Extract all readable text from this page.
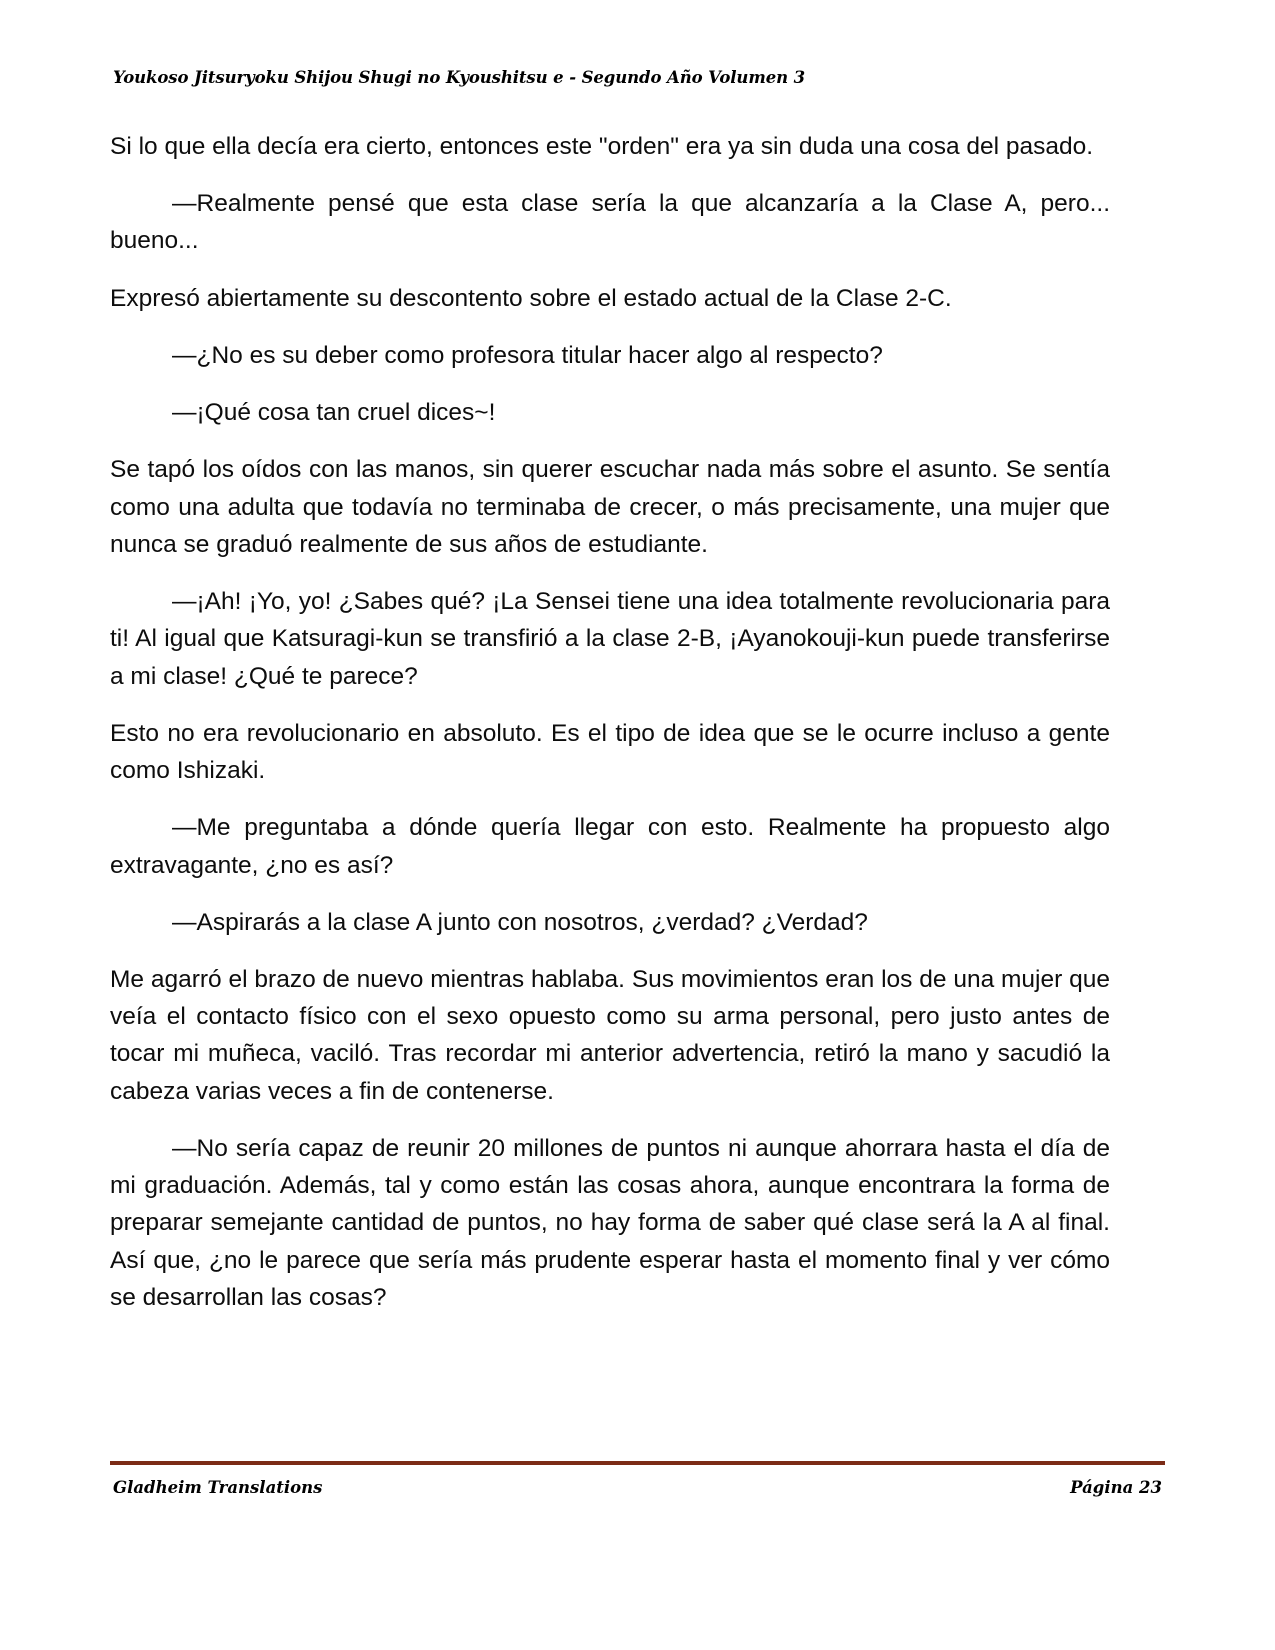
Youkoso Jitsuryoku Shijou Shugi no Kyoushitsu e - Segundo Año Volumen 3

Si lo que ella decía era cierto, entonces este "orden" era ya sin duda una cosa del pasado.

—Realmente pensé que esta clase sería la que alcanzaría a la Clase A, pero... bueno...

Expresó abiertamente su descontento sobre el estado actual de la Clase 2-C.

—¿No es su deber como profesora titular hacer algo al respecto?

—¡Qué cosa tan cruel dices~!

Se tapó los oídos con las manos, sin querer escuchar nada más sobre el asunto. Se sentía como una adulta que todavía no terminaba de crecer, o más precisamente, una mujer que nunca se graduó realmente de sus años de estudiante.

—¡Ah! ¡Yo, yo! ¿Sabes qué? ¡La Sensei tiene una idea totalmente revolucionaria para ti! Al igual que Katsuragi-kun se transfirió a la clase 2-B, ¡Ayanokouji-kun puede transferirse a mi clase! ¿Qué te parece?

Esto no era revolucionario en absoluto. Es el tipo de idea que se le ocurre incluso a gente como Ishizaki.

—Me preguntaba a dónde quería llegar con esto. Realmente ha propuesto algo extravagante, ¿no es así?

—Aspirarás a la clase A junto con nosotros, ¿verdad? ¿Verdad?

Me agarró el brazo de nuevo mientras hablaba. Sus movimientos eran los de una mujer que veía el contacto físico con el sexo opuesto como su arma personal, pero justo antes de tocar mi muñeca, vaciló. Tras recordar mi anterior advertencia, retiró la mano y sacudió la cabeza varias veces a fin de contenerse.

—No sería capaz de reunir 20 millones de puntos ni aunque ahorrara hasta el día de mi graduación. Además, tal y como están las cosas ahora, aunque encontrara la forma de preparar semejante cantidad de puntos, no hay forma de saber qué clase será la A al final. Así que, ¿no le parece que sería más prudente esperar hasta el momento final y ver cómo se desarrollan las cosas?

Gladheim Translations	Página 23
